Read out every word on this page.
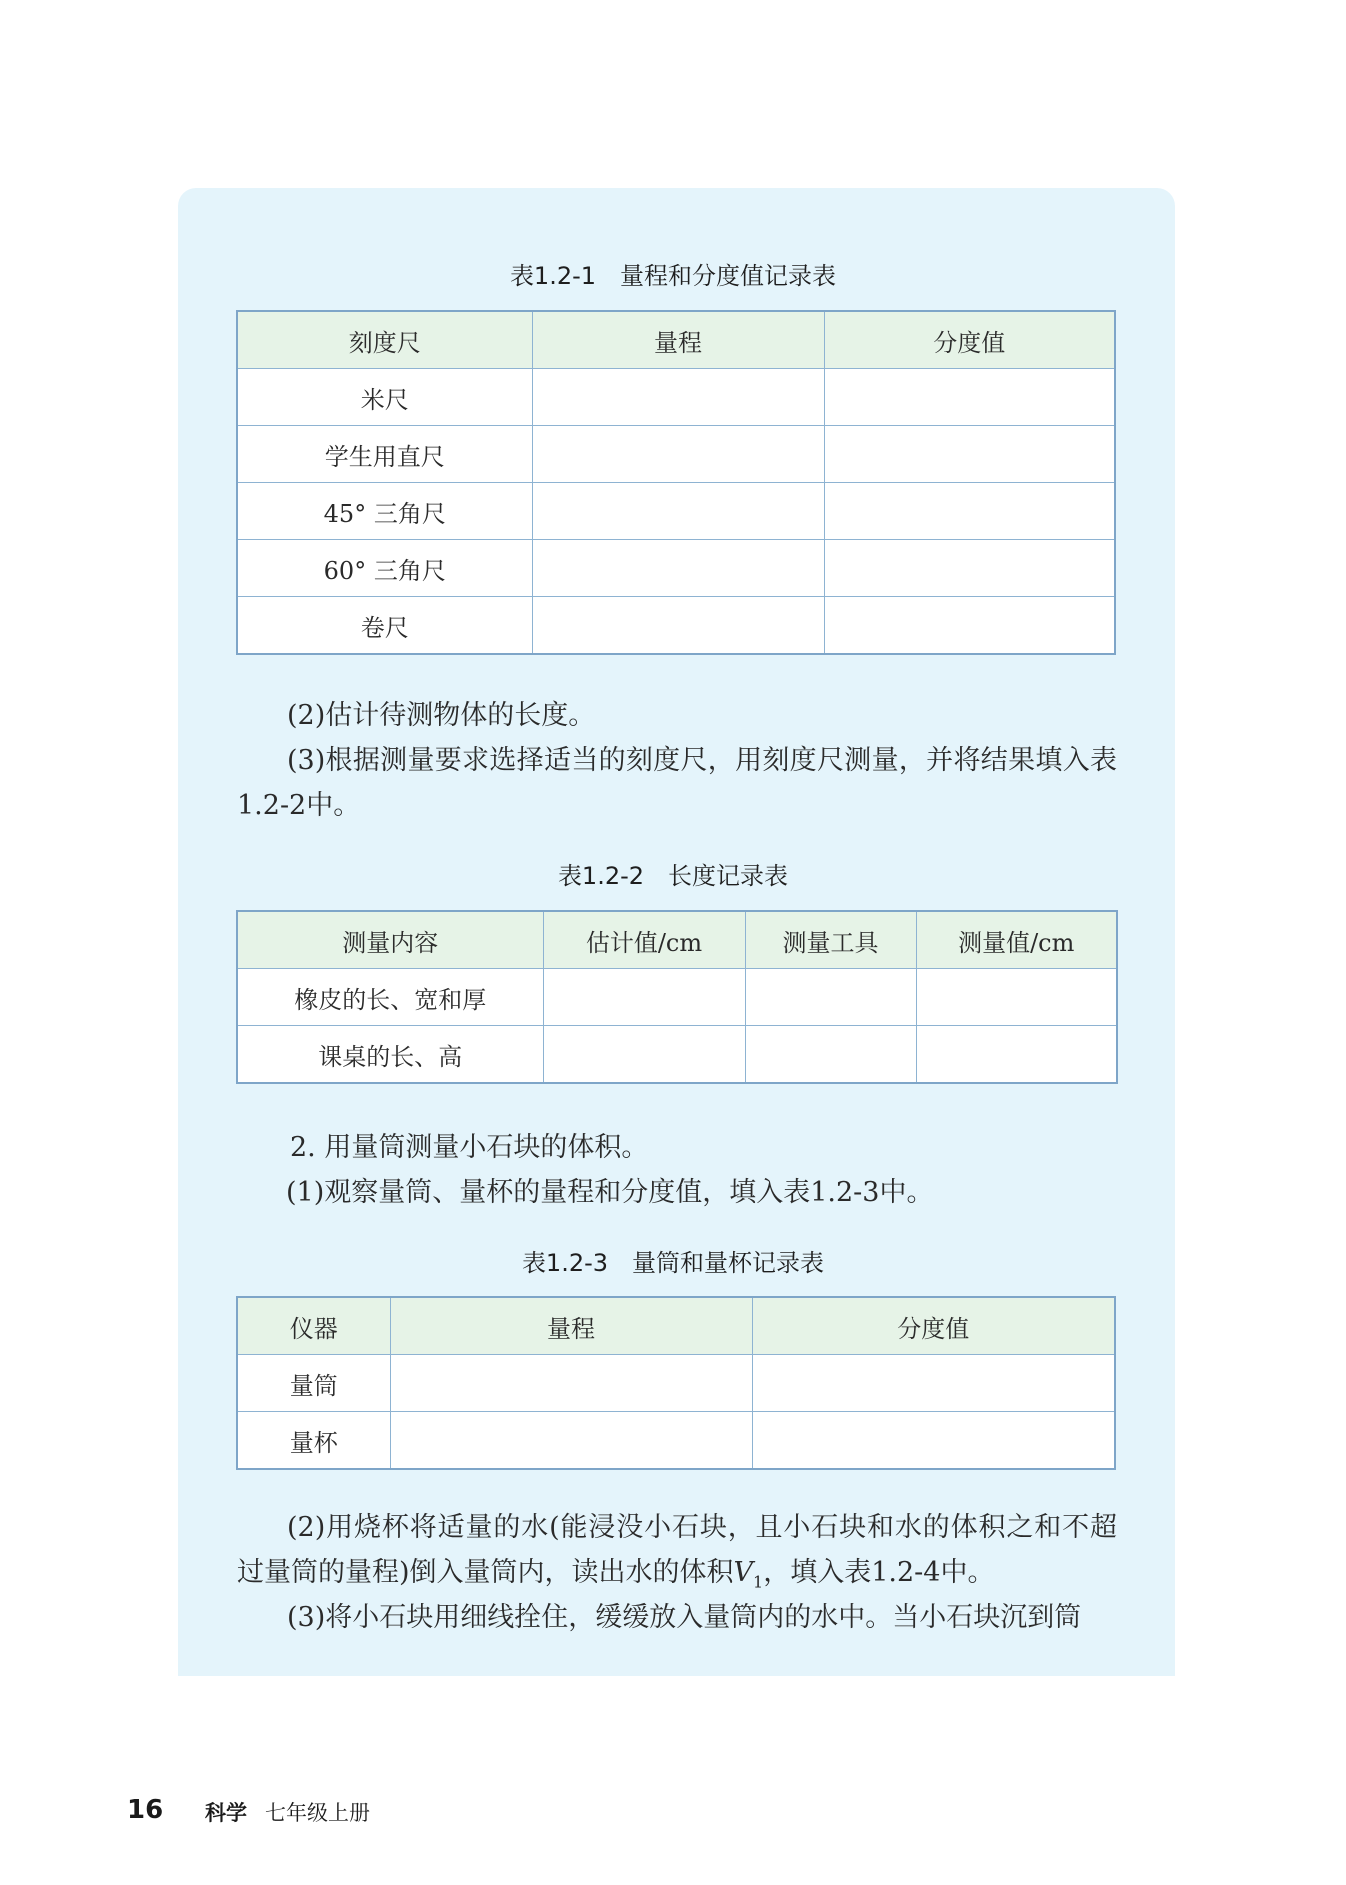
表1.2-1　量程和分度值记录表
刻度尺	量程	分度值
米尺		
学生用直尺		
45° 三角尺		
60° 三角尺		
卷尺		

(2)估计待测物体的长度。

(3)根据测量要求选择适当的刻度尺，用刻度尺测量，并将结果填入表1.2-2中。

表1.2-2　长度记录表
测量内容	估计值/cm	测量工具	测量值/cm
橡皮的长、宽和厚			
课桌的长、高			

2. 用量筒测量小石块的体积。

(1)观察量筒、量杯的量程和分度值，填入表1.2-3中。

表1.2-3　量筒和量杯记录表
仪器	量程	分度值
量筒		
量杯		

(2)用烧杯将适量的水(能浸没小石块，且小石块和水的体积之和不超过量筒的量程)倒入量筒内，读出水的体积$V_1$，填入表1.2-4中。

(3)将小石块用细线拴住，缓缓放入量筒内的水中。当小石块沉到筒

16 科学 七年级上册
